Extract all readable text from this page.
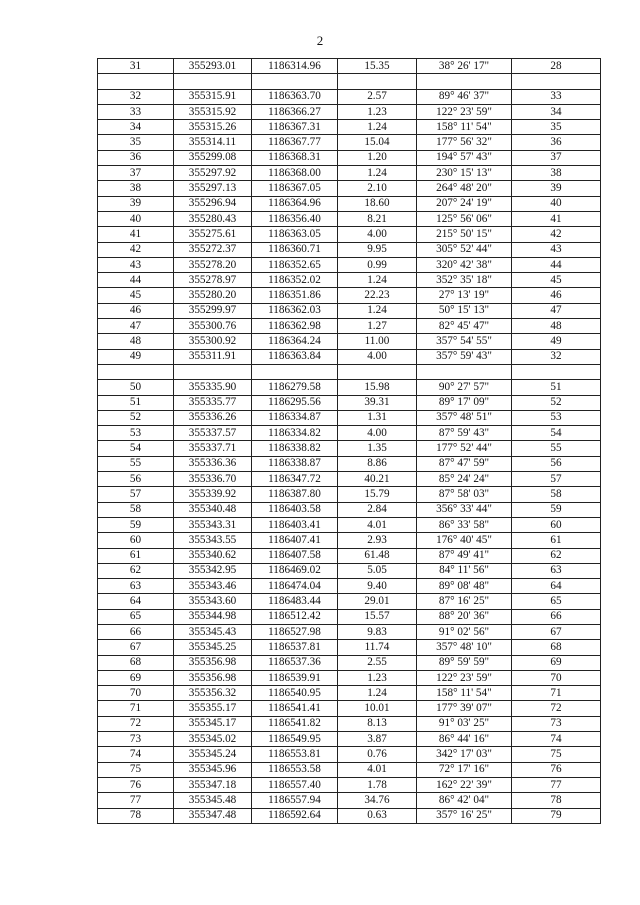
2
31	355293.01	1186314.96	15.35	38° 26' 17"	28

32	355315.91	1186363.70	2.57	89° 46' 37"	33
33	355315.92	1186366.27	1.23	122° 23' 59"	34
34	355315.26	1186367.31	1.24	158° 11' 54"	35
35	355314.11	1186367.77	15.04	177° 56' 32"	36
36	355299.08	1186368.31	1.20	194° 57' 43"	37
37	355297.92	1186368.00	1.24	230° 15' 13"	38
38	355297.13	1186367.05	2.10	264° 48' 20"	39
39	355296.94	1186364.96	18.60	207° 24' 19"	40
40	355280.43	1186356.40	8.21	125° 56' 06"	41
41	355275.61	1186363.05	4.00	215° 50' 15"	42
42	355272.37	1186360.71	9.95	305° 52' 44"	43
43	355278.20	1186352.65	0.99	320° 42' 38"	44
44	355278.97	1186352.02	1.24	352° 35' 18"	45
45	355280.20	1186351.86	22.23	27° 13' 19"	46
46	355299.97	1186362.03	1.24	50° 15' 13"	47
47	355300.76	1186362.98	1.27	82° 45' 47"	48
48	355300.92	1186364.24	11.00	357° 54' 55"	49
49	355311.91	1186363.84	4.00	357° 59' 43"	32

50	355335.90	1186279.58	15.98	90° 27' 57"	51
51	355335.77	1186295.56	39.31	89° 17' 09"	52
52	355336.26	1186334.87	1.31	357° 48' 51"	53
53	355337.57	1186334.82	4.00	87° 59' 43"	54
54	355337.71	1186338.82	1.35	177° 52' 44"	55
55	355336.36	1186338.87	8.86	87° 47' 59"	56
56	355336.70	1186347.72	40.21	85° 24' 24"	57
57	355339.92	1186387.80	15.79	87° 58' 03"	58
58	355340.48	1186403.58	2.84	356° 33' 44"	59
59	355343.31	1186403.41	4.01	86° 33' 58"	60
60	355343.55	1186407.41	2.93	176° 40' 45"	61
61	355340.62	1186407.58	61.48	87° 49' 41"	62
62	355342.95	1186469.02	5.05	84° 11' 56"	63
63	355343.46	1186474.04	9.40	89° 08' 48"	64
64	355343.60	1186483.44	29.01	87° 16' 25"	65
65	355344.98	1186512.42	15.57	88° 20' 36"	66
66	355345.43	1186527.98	9.83	91° 02' 56"	67
67	355345.25	1186537.81	11.74	357° 48' 10"	68
68	355356.98	1186537.36	2.55	89° 59' 59"	69
69	355356.98	1186539.91	1.23	122° 23' 59"	70
70	355356.32	1186540.95	1.24	158° 11' 54"	71
71	355355.17	1186541.41	10.01	177° 39' 07"	72
72	355345.17	1186541.82	8.13	91° 03' 25"	73
73	355345.02	1186549.95	3.87	86° 44' 16"	74
74	355345.24	1186553.81	0.76	342° 17' 03"	75
75	355345.96	1186553.58	4.01	72° 17' 16"	76
76	355347.18	1186557.40	1.78	162° 22' 39"	77
77	355345.48	1186557.94	34.76	86° 42' 04"	78
78	355347.48	1186592.64	0.63	357° 16' 25"	79
